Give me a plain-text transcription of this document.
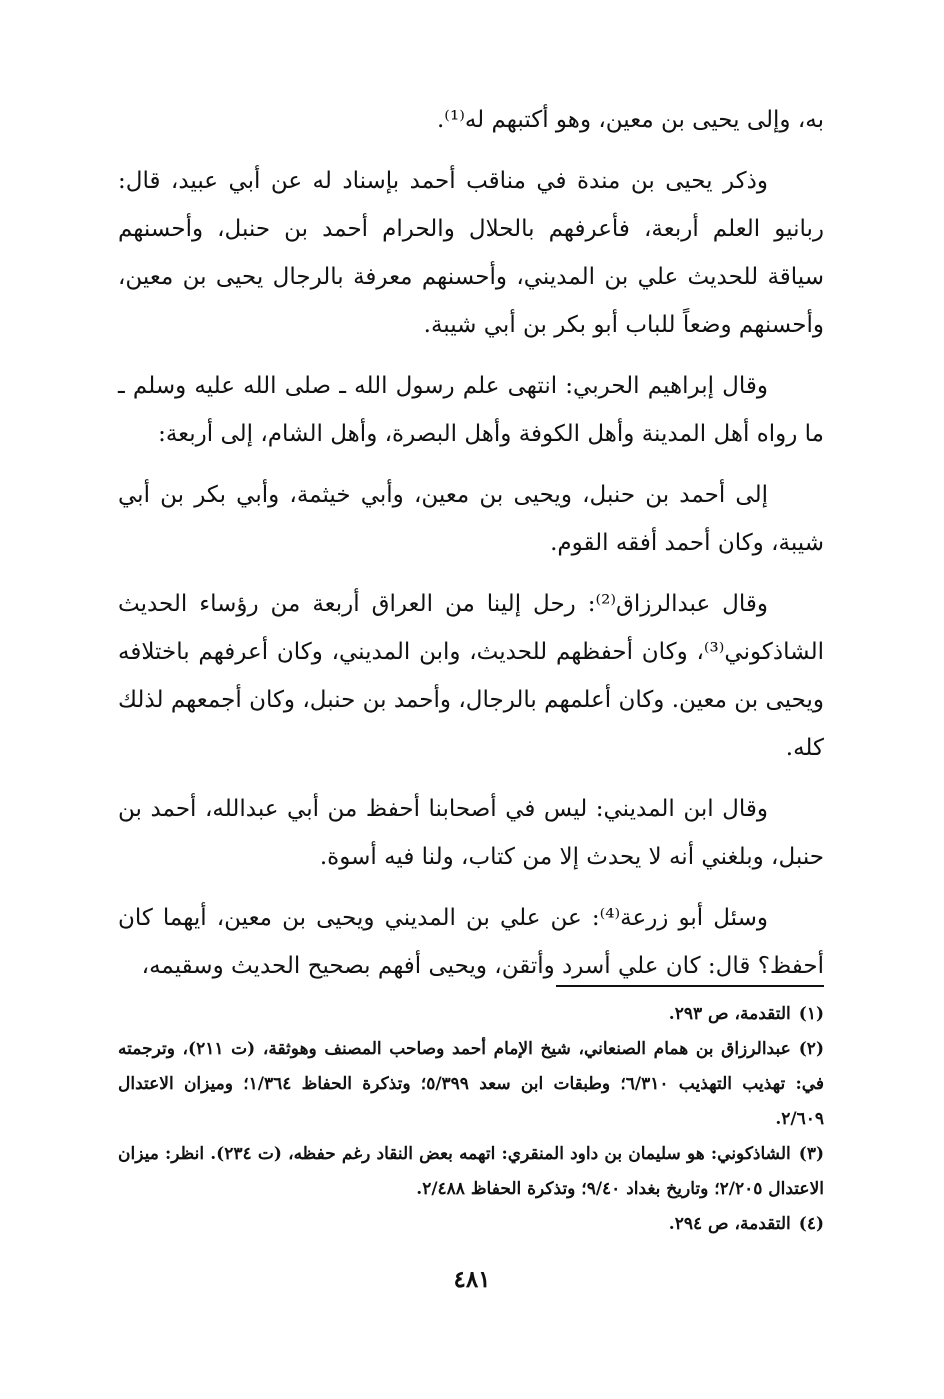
به، وإلى يحيى بن معين، وهو أكتبهم له⁽¹⁾.

وذكر يحيى بن مندة في مناقب أحمد بإسناد له عن أبي عبيد، قال: ربانيو العلم أربعة، فأعرفهم بالحلال والحرام أحمد بن حنبل، وأحسنهم سياقة للحديث علي بن المديني، وأحسنهم معرفة بالرجال يحيى بن معين، وأحسنهم وضعاً للباب أبو بكر بن أبي شيبة.

وقال إبراهيم الحربي: انتهى علم رسول الله ـ صلى الله عليه وسلم ـ ما رواه أهل المدينة وأهل الكوفة وأهل البصرة، وأهل الشام، إلى أربعة:

إلى أحمد بن حنبل، ويحيى بن معين، وأبي خيثمة، وأبي بكر بن أبي شيبة، وكان أحمد أفقه القوم.

وقال عبدالرزاق⁽²⁾: رحل إلينا من العراق أربعة من رؤساء الحديث الشاذكوني⁽³⁾، وكان أحفظهم للحديث، وابن المديني، وكان أعرفهم باختلافه ويحيى بن معين. وكان أعلمهم بالرجال، وأحمد بن حنبل، وكان أجمعهم لذلك كله.

وقال ابن المديني: ليس في أصحابنا أحفظ من أبي عبدالله، أحمد بن حنبل، وبلغني أنه لا يحدث إلا من كتاب، ولنا فيه أسوة.

وسئل أبو زرعة⁽⁴⁾: عن علي بن المديني ويحيى بن معين، أيهما كان أحفظ؟ قال: كان علي أسرد وأتقن، ويحيى أفهم بصحيح الحديث وسقيمه،

(١)التقدمة، ص ٢٩٣.

(٢)عبدالرزاق بن همام الصنعاني، شيخ الإمام أحمد وصاحب المصنف وهوثقة، (ت ٢١١)، وترجمته في: تهذيب التهذيب ٦/٣١٠؛ وطبقات ابن سعد ٥/٣٩٩؛ وتذكرة الحفاظ ١/٣٦٤؛ وميزان الاعتدال ٢/٦٠٩.

(٣)الشاذكوني: هو سليمان بن داود المنقري: اتهمه بعض النقاد رغم حفظه، (ت ٢٣٤). انظر: ميزان الاعتدال ٢/٢٠٥؛ وتاريخ بغداد ٩/٤٠؛ وتذكرة الحفاظ ٢/٤٨٨.

(٤)التقدمة، ص ٢٩٤.

٤٨١
